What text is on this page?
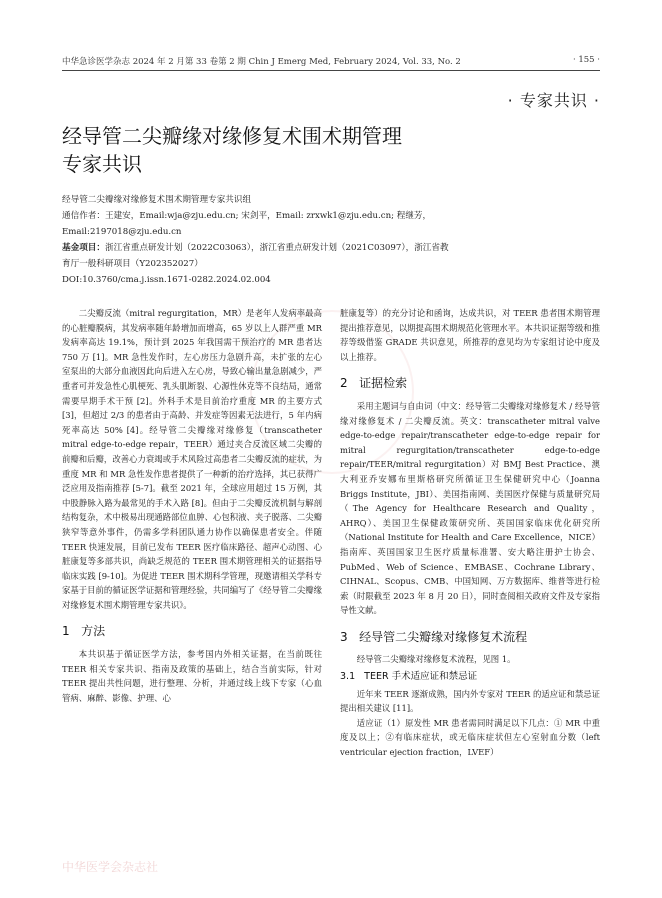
中华急诊医学杂志 2024 年 2 月第 33 卷第 2 期 Chin J Emerg Med, February 2024, Vol. 33, No. 2	· 155 ·
· 专家共识 ·
经导管二尖瓣缘对缘修复术围术期管理
专家共识
经导管二尖瓣缘对缘修复术围术期管理专家共识组
通信作者：王建安，Email:wja@zju.edu.cn; 宋剑平，Email: zrxwk1@zju.edu.cn; 程继芳，
Email:2197018@zju.edu.cn
基金项目：浙江省重点研发计划（2022C03063），浙江省重点研发计划（2021C03097），浙江省教
育厅一般科研项目（Y202352027）
DOI:10.3760/cma.j.issn.1671-0282.2024.02.004

二尖瓣反流（mitral regurgitation，MR）是老年人发病率最高的心脏瓣膜病，其发病率随年龄增加而增高，65 岁以上人群严重 MR 发病率高达 19.1%，预计到 2025 年我国需干预治疗的 MR 患者达 750 万 [1]。MR 急性发作时，左心房压力急剧升高，未扩张的左心室泵出的大部分血液因此向后进入左心房，导致心输出量急剧减少，严重者可并发急性心肌梗死、乳头肌断裂、心源性休克等不良结局，通常需要早期手术干预 [2]。外科手术是目前治疗重度 MR 的主要方式 [3]，但超过 2/3 的患者由于高龄、并发症等因素无法进行，5 年内病死率高达 50% [4]。经导管二尖瓣缘对缘修复（transcatheter mitral edge-to-edge repair，TEER）通过夹合反流区域二尖瓣的前瓣和后瓣，改善心力衰竭或手术风险过高患者二尖瓣反流的症状，为重度 MR 和 MR 急性发作患者提供了一种新的治疗选择，其已获得广泛应用及指南推荐 [5-7]。截至 2021 年，全球应用超过 15 万例，其中股静脉入路为最常见的手术入路 [8]。但由于二尖瓣反流机制与解剖结构复杂，术中极易出现通路部位血肿、心包积液、夹子脱落、二尖瓣狭窄等意外事件，仍需多学科团队通力协作以确保患者安全。伴随 TEER 快速发展，目前已发布 TEER 医疗临床路径、超声心动图、心脏康复等多部共识，尚缺乏规范的 TEER 围术期管理相关的证据指导临床实践 [9-10]。为促进 TEER 围术期科学管理，现邀请相关学科专家基于目前的循证医学证据和管理经验，共同编写了《经导管二尖瓣缘对缘修复术围术期管理专家共识》。

1 方法

本共识基于循证医学方法，参考国内外相关证据，在当前既往 TEER 相关专家共识、指南及政策的基础上，结合当前实际，针对 TEER 提出共性问题，进行整理、分析，并通过线上线下专家（心血管病、麻醉、影像、护理、心

脏康复等）的充分讨论和函询，达成共识，对 TEER 患者围术期管理提出推荐意见，以期提高围术期规范化管理水平。本共识证据等级和推荐等级借鉴 GRADE 共识意见，所推荐的意见均为专家组讨论中度及以上推荐。

2 证据检索

采用主题词与自由词（中文：经导管二尖瓣缘对缘修复术 / 经导管缘对缘修复术 / 二尖瓣反流。英文：transcatheter mitral valve edge-to-edge repair/transcatheter edge-to-edge repair for mitral regurgitation/transcatheter edge-to-edge repair/TEER/mitral regurgitation）对 BMJ Best Practice、澳大利亚乔安娜布里斯格研究所循证卫生保健研究中心（Joanna Briggs Institute，JBI）、美国指南网、美国医疗保健与质量研究局（The Agency for Healthcare Research and Quality，AHRQ）、美国卫生保健政策研究所、英国国家临床优化研究所（National Institute for Health and Care Excellence，NICE）指南库、英国国家卫生医疗质量标准署、安大略注册护士协会、PubMed、Web of Science、EMBASE、Cochrane Library、CIHNAL、Scopus、CMB、中国知网、万方数据库、维普等进行检索（时限截至 2023 年 8 月 20 日），同时查阅相关政府文件及专家指导性文献。

3 经导管二尖瓣缘对缘修复术流程

经导管二尖瓣缘对缘修复术流程，见图 1。

3.1 TEER 手术适应证和禁忌证

近年来 TEER 逐渐成熟，国内外专家对 TEER 的适应证和禁忌证提出相关建议 [11]。

适应证（1）原发性 MR 患者需同时满足以下几点：① MR 中重度及以上；②有临床症状，或无临床症状但左心室射血分数（left ventricular ejection fraction，LVEF）

中华医学会杂志社
